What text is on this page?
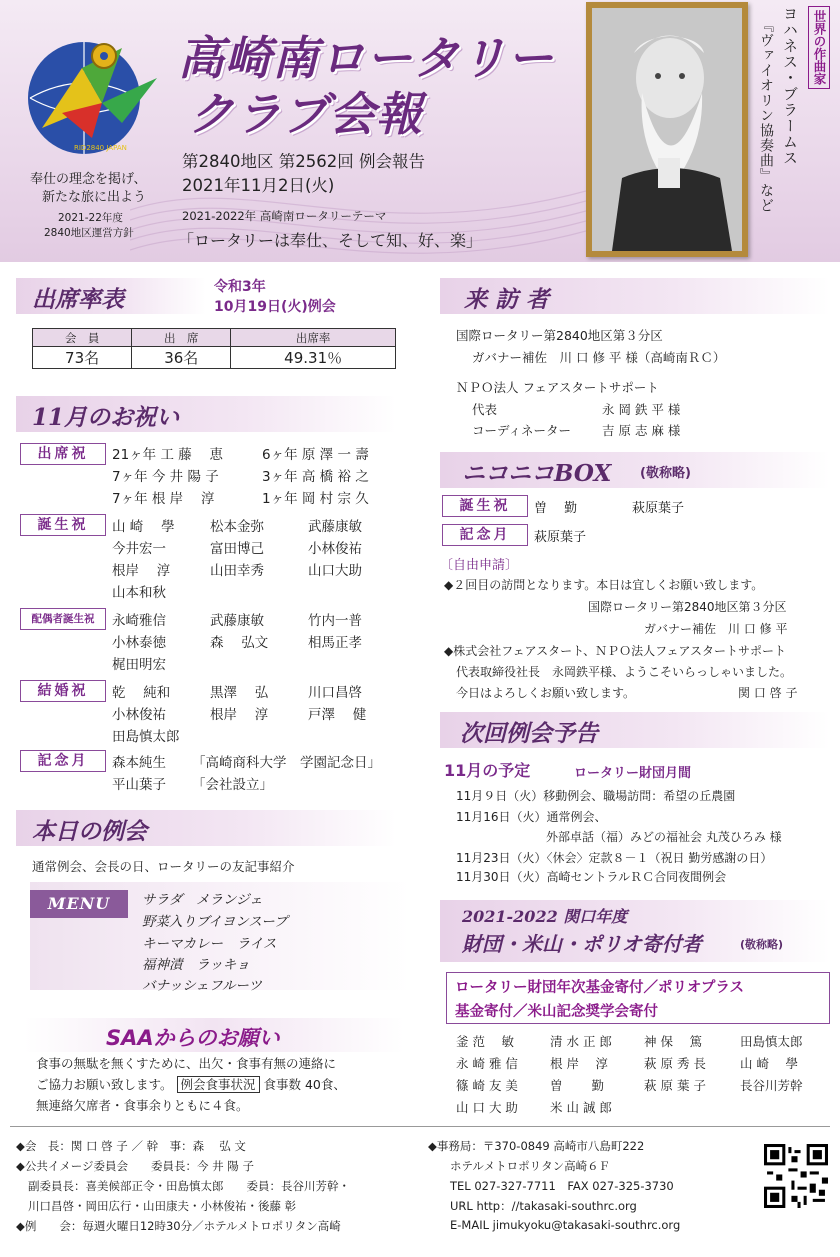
RID2840 JAPAN
高崎南ロータリー
クラブ会報
第2840地区 第2562回 例会報告
2021年11月2日(火)
奉仕の理念を掲げ、
新たな旅に出よう
2021-22年度
2840地区運営方針
2021-2022年 高崎南ロータリーテーマ
「ロータリーは奉仕、そして知、好、楽」
世界の作曲家
ヨハネス・ブラームス
『ヴァイオリン協奏曲』など
出席率表	令和3年
10月19日(火)例会
会　員	出　席	出席率
73名	36名	49.31％
11月のお祝い
出席祝	21ヶ年 工 藤　 恵	6ヶ年 原 澤 一 壽
7ヶ年 今 井 陽 子	3ヶ年 高 橋 裕 之
7ヶ年 根 岸　 淳	1ヶ年 岡 村 宗 久
誕生祝	山 崎　 學	松本金弥	武藤康敏
今井宏一	富田博己	小林俊祐
根岸　 淳	山田幸秀	山口大助
山本和秋
配偶者誕生祝	永崎雅信	武藤康敏	竹内一普
小林泰徳	森　 弘文	相馬正孝
梶田明宏
結婚祝	乾　 純和	黒澤　 弘	川口昌啓
小林俊祐	根岸　 淳	戸澤　 健
田島慎太郎
記念月	森本純生 「高崎商科大学　学園記念日」
平山葉子 「会社設立」
本日の例会
通常例会、会長の日、ロータリーの友記事紹介
MENU	サラダ　メランジェ
野菜入りブイヨンスープ
キーマカレー　ライス
福神漬　ラッキョ
バナッシェフルーツ
SAAからのお願い
食事の無駄を無くすために、出欠・食事有無の連絡に
ご協力お願い致します。 例会食事状況 食事数 40食、
無連絡欠席者・食事余りともに４食。
来 訪 者
国際ロータリー第2840地区第３分区
ガバナー補佐　川 口 修 平 様（高崎南ＲＣ）
ＮＰＯ法人 フェアスタートサポート
代表	永 岡 鉄 平 様
コーディネーター 吉 原 志 麻 様
ニコニコBOX (敬称略)
誕生祝	曽　 勤	萩原葉子
記念月	萩原葉子
〔自由申請〕
◆２回目の訪問となります。本日は宜しくお願い致します。
国際ロータリー第2840地区第３分区
ガバナー補佐　川 口 修 平
◆株式会社フェアスタート、ＮＰＯ法人フェアスタートサポート
代表取締役社長　永岡鉄平様、ようこそいらっしゃいました。
今日はよろしくお願い致します。	関 口 啓 子
次回例会予告
11月の予定	ロータリー財団月間
11月９日（火）移動例会、職場訪問：希望の丘農園
11月16日（火）通常例会、
外部卓話（福）みどの福祉会 丸茂ひろみ 様
11月23日（火）〈休会〉定款８－１（祝日 勤労感謝の日）
11月30日（火）高崎セントラルＲＣ合同夜間例会
2021-2022 関口年度
財団・米山・ポリオ寄付者	(敬称略)
ロータリー財団年次基金寄付／ポリオプラス
基金寄付／米山記念奨学会寄付
釜 范　 敏	清 水 正 郎	神 保　 篤	田島慎太郎
永 崎 雅 信	根 岸　 淳	萩 原 秀 長	山 崎　 學
篠 崎 友 美	曽　　 勤	萩 原 葉 子	長谷川芳幹
山 口 大 助	米 山 誠 郎
◆会　長：関 口 啓 子 ／ 幹　事：森　 弘 文
◆公共イメージ委員会　　委員長：今 井 陽 子
副委員長：喜美候部正令・田島慎太郎　　委員：長谷川芳幹・
川口昌啓・岡田広行・山田康夫・小林俊祐・後藤 彰
◆例　　会：毎週火曜日12時30分／ホテルメトロポリタン高崎
◆事務局：〒370-0849 高崎市八島町222
ホテルメトロポリタン高崎６Ｆ
TEL 027-327-7711　FAX 027-325-3730
URL http：//takasaki-southrc.org
E-MAIL jimukyoku@takasaki-southrc.org
